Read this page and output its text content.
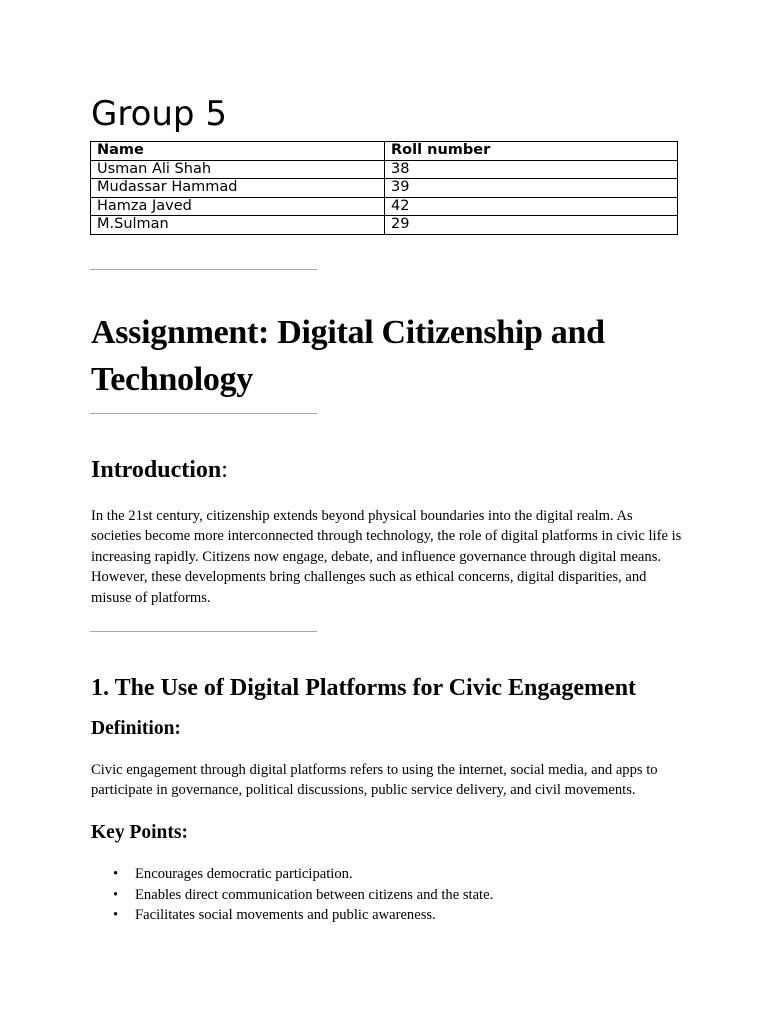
Group 5
Name	Roll number
Usman Ali Shah	38
Mudassar Hammad	39
Hamza Javed	42
M.Sulman	29
Assignment: Digital Citizenship and Technology
Introduction:

In the 21st century, citizenship extends beyond physical boundaries into the digital realm. As societies become more interconnected through technology, the role of digital platforms in civic life is increasing rapidly. Citizens now engage, debate, and influence governance through digital means. However, these developments bring challenges such as ethical concerns, digital disparities, and misuse of platforms.

1. The Use of Digital Platforms for Civic Engagement
Definition:

Civic engagement through digital platforms refers to using the internet, social media, and apps to participate in governance, political discussions, public service delivery, and civil movements.

Key Points:
• Encourages democratic participation.
• Enables direct communication between citizens and the state.
• Facilitates social movements and public awareness.
